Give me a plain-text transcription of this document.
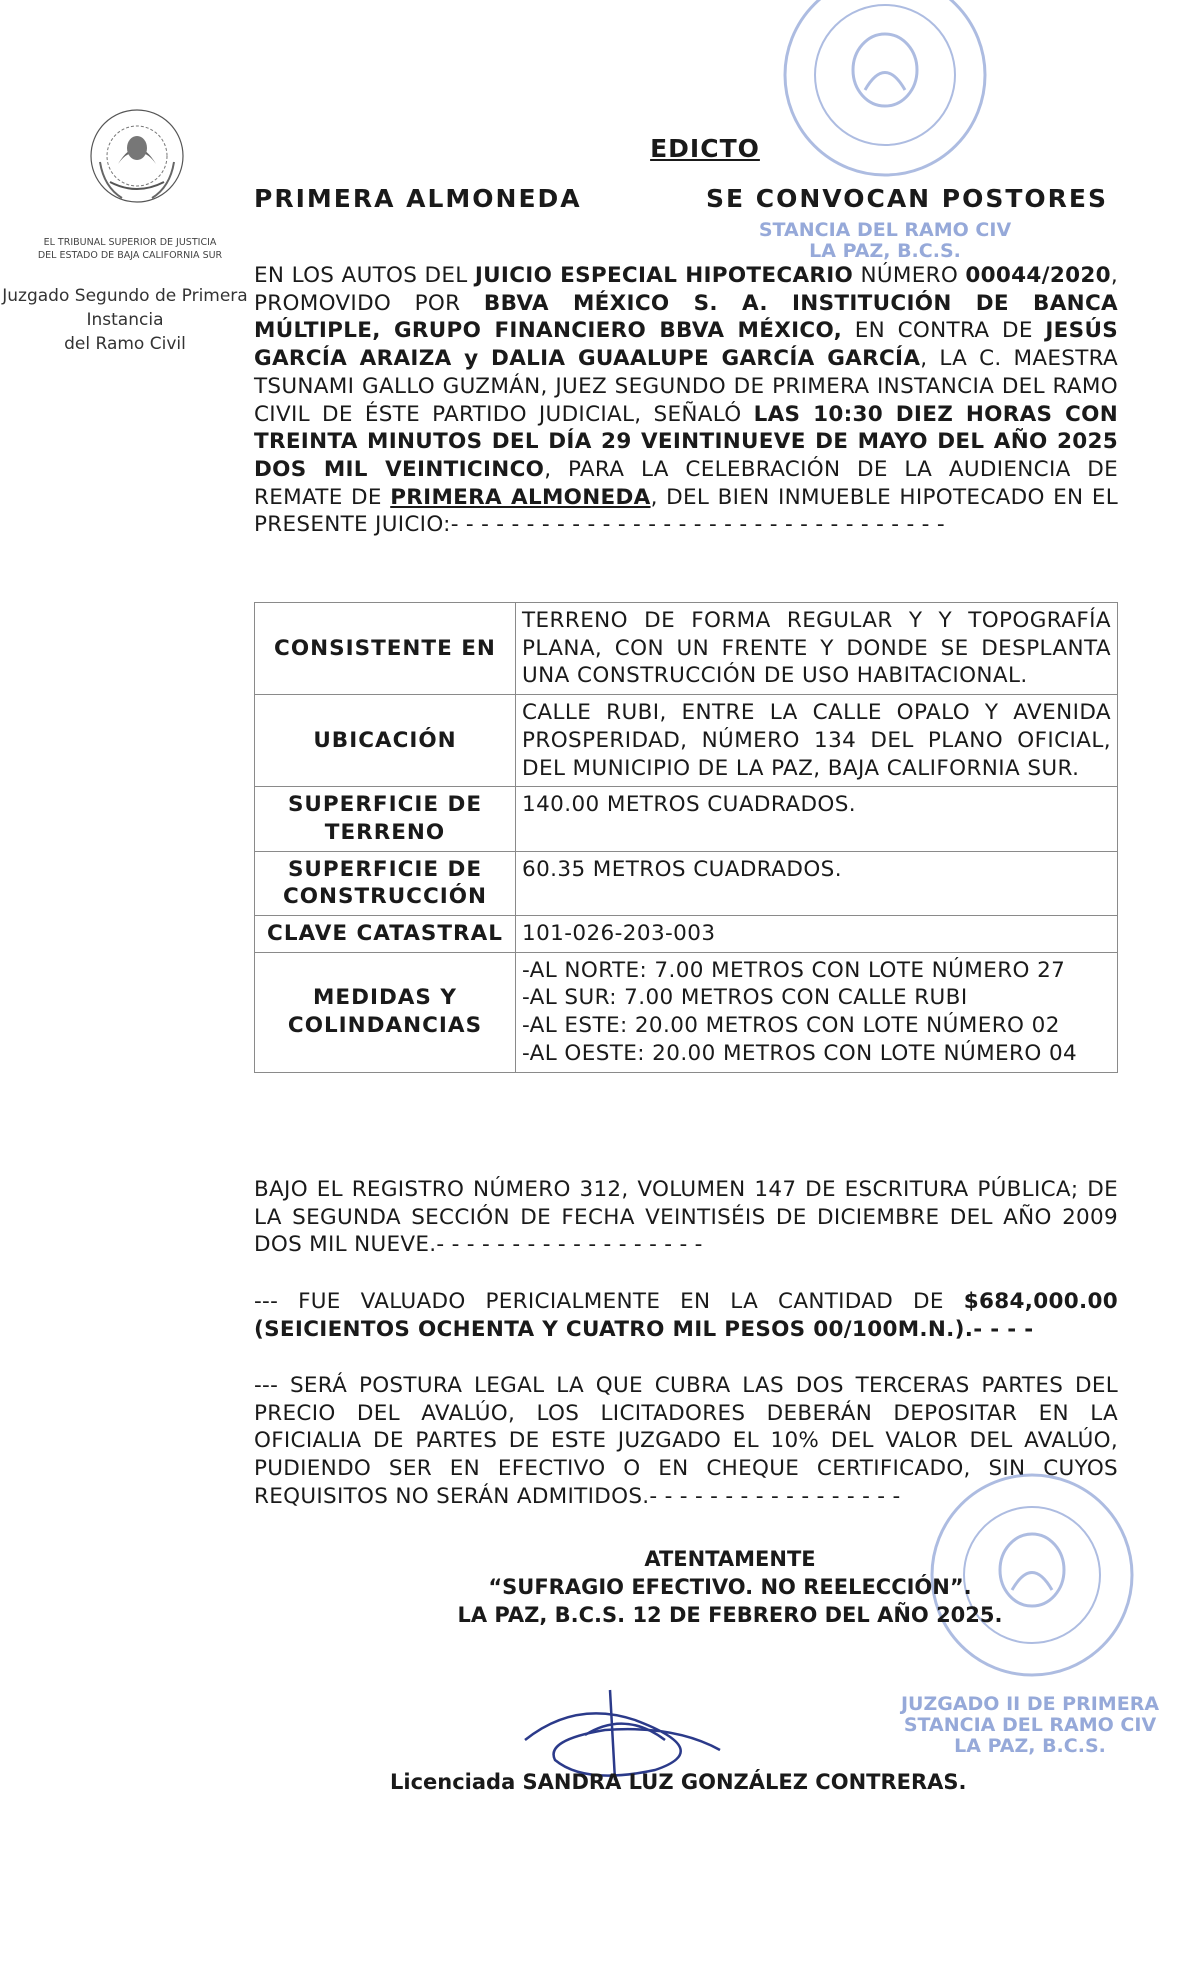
EL TRIBUNAL SUPERIOR DE JUSTICIA
DEL ESTADO DE BAJA CALIFORNIA SUR
Juzgado Segundo de Primera
Instancia
del Ramo Civil
STANCIA DEL RAMO CIV
LA PAZ, B.C.S.
EDICTO
PRIMERA ALMONEDA	SE CONVOCAN POSTORES
EN LOS AUTOS DEL JUICIO ESPECIAL HIPOTECARIO NÚMERO 00044/2020, PROMOVIDO POR BBVA MÉXICO S. A. INSTITUCIÓN DE BANCA MÚLTIPLE, GRUPO FINANCIERO BBVA MÉXICO, EN CONTRA DE JESÚS GARCÍA ARAIZA y DALIA GUAALUPE GARCÍA GARCÍA, LA C. MAESTRA TSUNAMI GALLO GUZMÁN, JUEZ SEGUNDO DE PRIMERA INSTANCIA DEL RAMO CIVIL DE ÉSTE PARTIDO JUDICIAL, SEÑALÓ LAS 10:30 DIEZ HORAS CON TREINTA MINUTOS DEL DÍA 29 VEINTINUEVE DE MAYO DEL AÑO 2025 DOS MIL VEINTICINCO, PARA LA CELEBRACIÓN DE LA AUDIENCIA DE REMATE DE PRIMERA ALMONEDA, DEL BIEN INMUEBLE HIPOTECADO EN EL PRESENTE JUICIO:- - - - - - - - - - - - - - - - - - - - - - - - - - - - - - - - -
CONSISTENTE EN	TERRENO DE FORMA REGULAR Y Y TOPOGRAFÍA PLANA, CON UN FRENTE Y DONDE SE DESPLANTA UNA CONSTRUCCIÓN DE USO HABITACIONAL.
UBICACIÓN	CALLE RUBI, ENTRE LA CALLE OPALO Y AVENIDA PROSPERIDAD, NÚMERO 134 DEL PLANO OFICIAL, DEL MUNICIPIO DE LA PAZ, BAJA CALIFORNIA SUR.
SUPERFICIE DE TERRENO	140.00 METROS CUADRADOS.
SUPERFICIE DE CONSTRUCCIÓN	60.35 METROS CUADRADOS.
CLAVE CATASTRAL	101-026-203-003
MEDIDAS Y COLINDANCIAS	-AL NORTE: 7.00 METROS CON LOTE NÚMERO 27
-AL SUR: 7.00 METROS CON CALLE RUBI
-AL ESTE: 20.00 METROS CON LOTE NÚMERO 02
-AL OESTE: 20.00 METROS CON LOTE NÚMERO 04
BAJO EL REGISTRO NÚMERO 312, VOLUMEN 147 DE ESCRITURA PÚBLICA; DE LA SEGUNDA SECCIÓN DE FECHA VEINTISÉIS DE DICIEMBRE DEL AÑO 2009 DOS MIL NUEVE.- - - - - - - - - - - - - - - - - -
--- FUE VALUADO PERICIALMENTE EN LA CANTIDAD DE $684,000.00 (SEICIENTOS OCHENTA Y CUATRO MIL PESOS 00/100M.N.).- - - -
--- SERÁ POSTURA LEGAL LA QUE CUBRA LAS DOS TERCERAS PARTES DEL PRECIO DEL AVALÚO, LOS LICITADORES DEBERÁN DEPOSITAR EN LA OFICIALIA DE PARTES DE ESTE JUZGADO EL 10% DEL VALOR DEL AVALÚO, PUDIENDO SER EN EFECTIVO O EN CHEQUE CERTIFICADO, SIN CUYOS REQUISITOS NO SERÁN ADMITIDOS.- - - - - - - - - - - - - - - - -
JUZGADO II DE PRIMERA
STANCIA DEL RAMO CIV
LA PAZ, B.C.S.
ATENTAMENTE
“SUFRAGIO EFECTIVO. NO REELECCIÓN”.
LA PAZ, B.C.S. 12 DE FEBRERO DEL AÑO 2025.
Licenciada SANDRA LUZ GONZÁLEZ CONTRERAS.
